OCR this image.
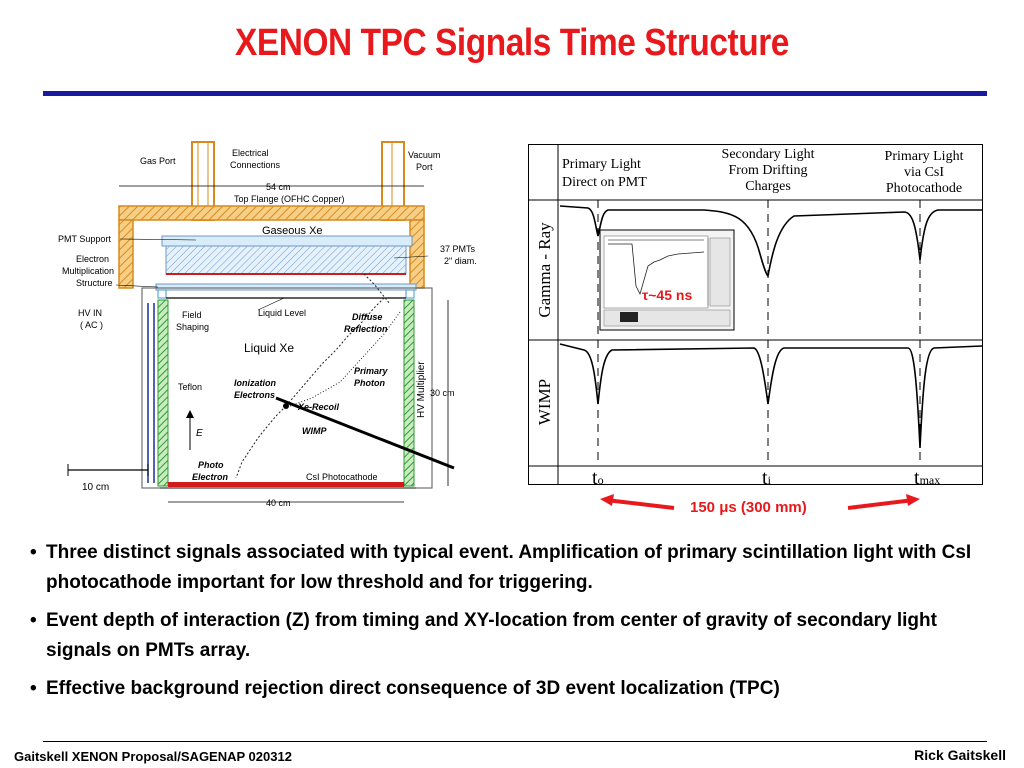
XENON TPC Signals Time Structure
Gas Port
Electrical
Connections
Vacuum
Port
54 cm
Top Flange (OFHC Copper)
Gaseous Xe
PMT Support
37 PMTs
2" diam.
Electron
Multiplication
Structure
HV IN
( AC )
Field
Shaping
Liquid Level	Diffuse
Reflection
Liquid Xe
Primary
Photon
Teflon	Ionization
Electrons
Xe-Recoil
WIMP
E
Photo
Electron	CsI Photocathode
HV Multiplier 30 cm
10 cm
40 cm
τ~45 ns
Primary Light
Direct on PMT
Secondary Light
From Drifting
Charges
Primary Light
via CsI
Photocathode
Gamma - Ray
WIMP
to	ti	tmax
150 μs (300 mm)
• Three distinct signals associated with typical event. Amplification of primary scintillation light with CsI photocathode important for low threshold and for triggering.
• Event depth of interaction (Z) from timing and XY-location from center of gravity of secondary light signals on PMTs array.
• Effective background rejection direct consequence of 3D event localization (TPC)
Gaitskell XENON Proposal/SAGENAP 020312	Rick Gaitskell
